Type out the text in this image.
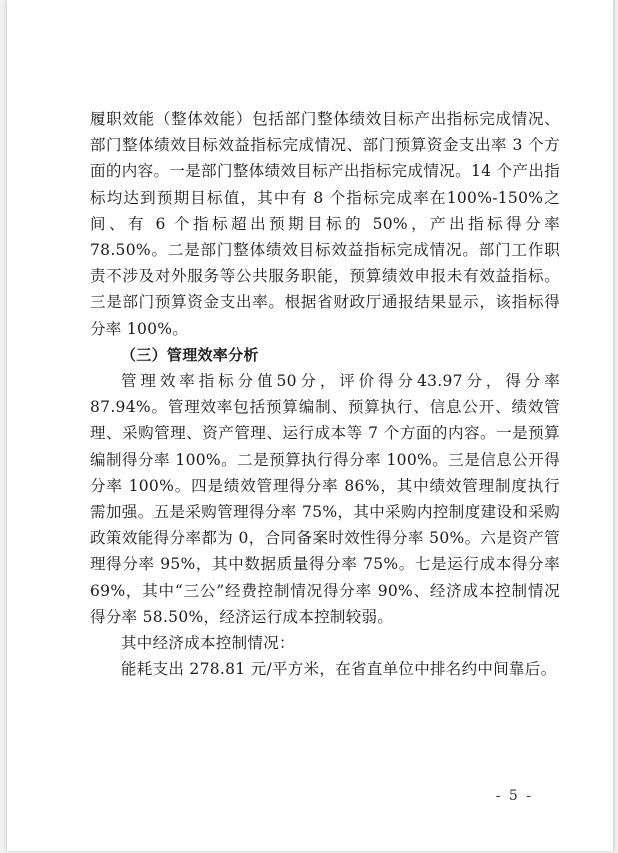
履职效能（整体效能）包括部门整体绩效目标产出指标完成情况、部门整体绩效目标效益指标完成情况、部门预算资金支出率 3 个方面的内容。一是部门整体绩效目标产出指标完成情况。14 个产出指标均达到预期目标值，其中有 8 个指标完成率在100%-150%之间、有 6 个指标超出预期目标的 50%，产出指标得分率 78.50%。二是部门整体绩效目标效益指标完成情况。部门工作职责不涉及对外服务等公共服务职能，预算绩效申报未有效益指标。三是部门预算资金支出率。根据省财政厅通报结果显示，该指标得分率 100%。

（三）管理效率分析

管理效率指标分值50分，评价得分43.97分，得分率87.94%。管理效率包括预算编制、预算执行、信息公开、绩效管理、采购管理、资产管理、运行成本等 7 个方面的内容。一是预算编制得分率 100%。二是预算执行得分率 100%。三是信息公开得分率 100%。四是绩效管理得分率 86%，其中绩效管理制度执行需加强。五是采购管理得分率 75%，其中采购内控制度建设和采购政策效能得分率都为 0，合同备案时效性得分率 50%。六是资产管理得分率 95%，其中数据质量得分率 75%。七是运行成本得分率 69%，其中“三公”经费控制情况得分率 90%、经济成本控制情况得分率 58.50%，经济运行成本控制较弱。

其中经济成本控制情况：

能耗支出 278.81 元/平方米，在省直单位中排名约中间靠后。

- 5 -
